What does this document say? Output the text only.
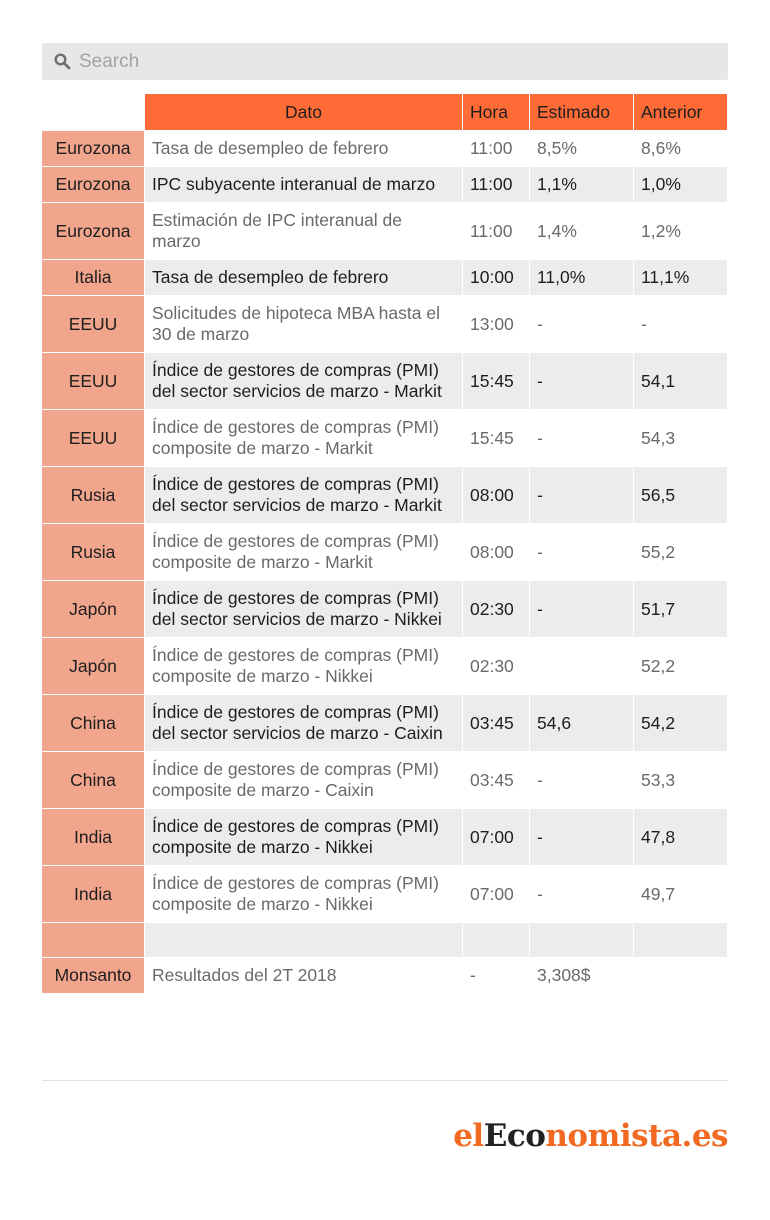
Search
	Dato	Hora	Estimado	Anterior
Eurozona	Tasa de desempleo de febrero	11:00	8,5%	8,6%
Eurozona	IPC subyacente interanual de marzo	11:00	1,1%	1,0%
Eurozona	Estimación de IPC interanual de marzo	11:00	1,4%	1,2%
Italia	Tasa de desempleo de febrero	10:00	11,0%	11,1%
EEUU	Solicitudes de hipoteca MBA hasta el 30 de marzo	13:00	-	-
EEUU	Índice de gestores de compras (PMI) del sector servicios de marzo - Markit	15:45	-	54,1
EEUU	Índice de gestores de compras (PMI) composite de marzo - Markit	15:45	-	54,3
Rusia	Índice de gestores de compras (PMI) del sector servicios de marzo - Markit	08:00	-	56,5
Rusia	Índice de gestores de compras (PMI) composite de marzo - Markit	08:00	-	55,2
Japón	Índice de gestores de compras (PMI) del sector servicios de marzo - Nikkei	02:30	-	51,7
Japón	Índice de gestores de compras (PMI) composite de marzo - Nikkei	02:30		52,2
China	Índice de gestores de compras (PMI) del sector servicios de marzo - Caixin	03:45	54,6	54,2
China	Índice de gestores de compras (PMI) composite de marzo - Caixin	03:45	-	53,3
India	Índice de gestores de compras (PMI) composite de marzo - Nikkei	07:00	-	47,8
India	Índice de gestores de compras (PMI) composite de marzo - Nikkei	07:00	-	49,7

Monsanto	Resultados del 2T 2018	-	3,308$	
elEconomista.es
